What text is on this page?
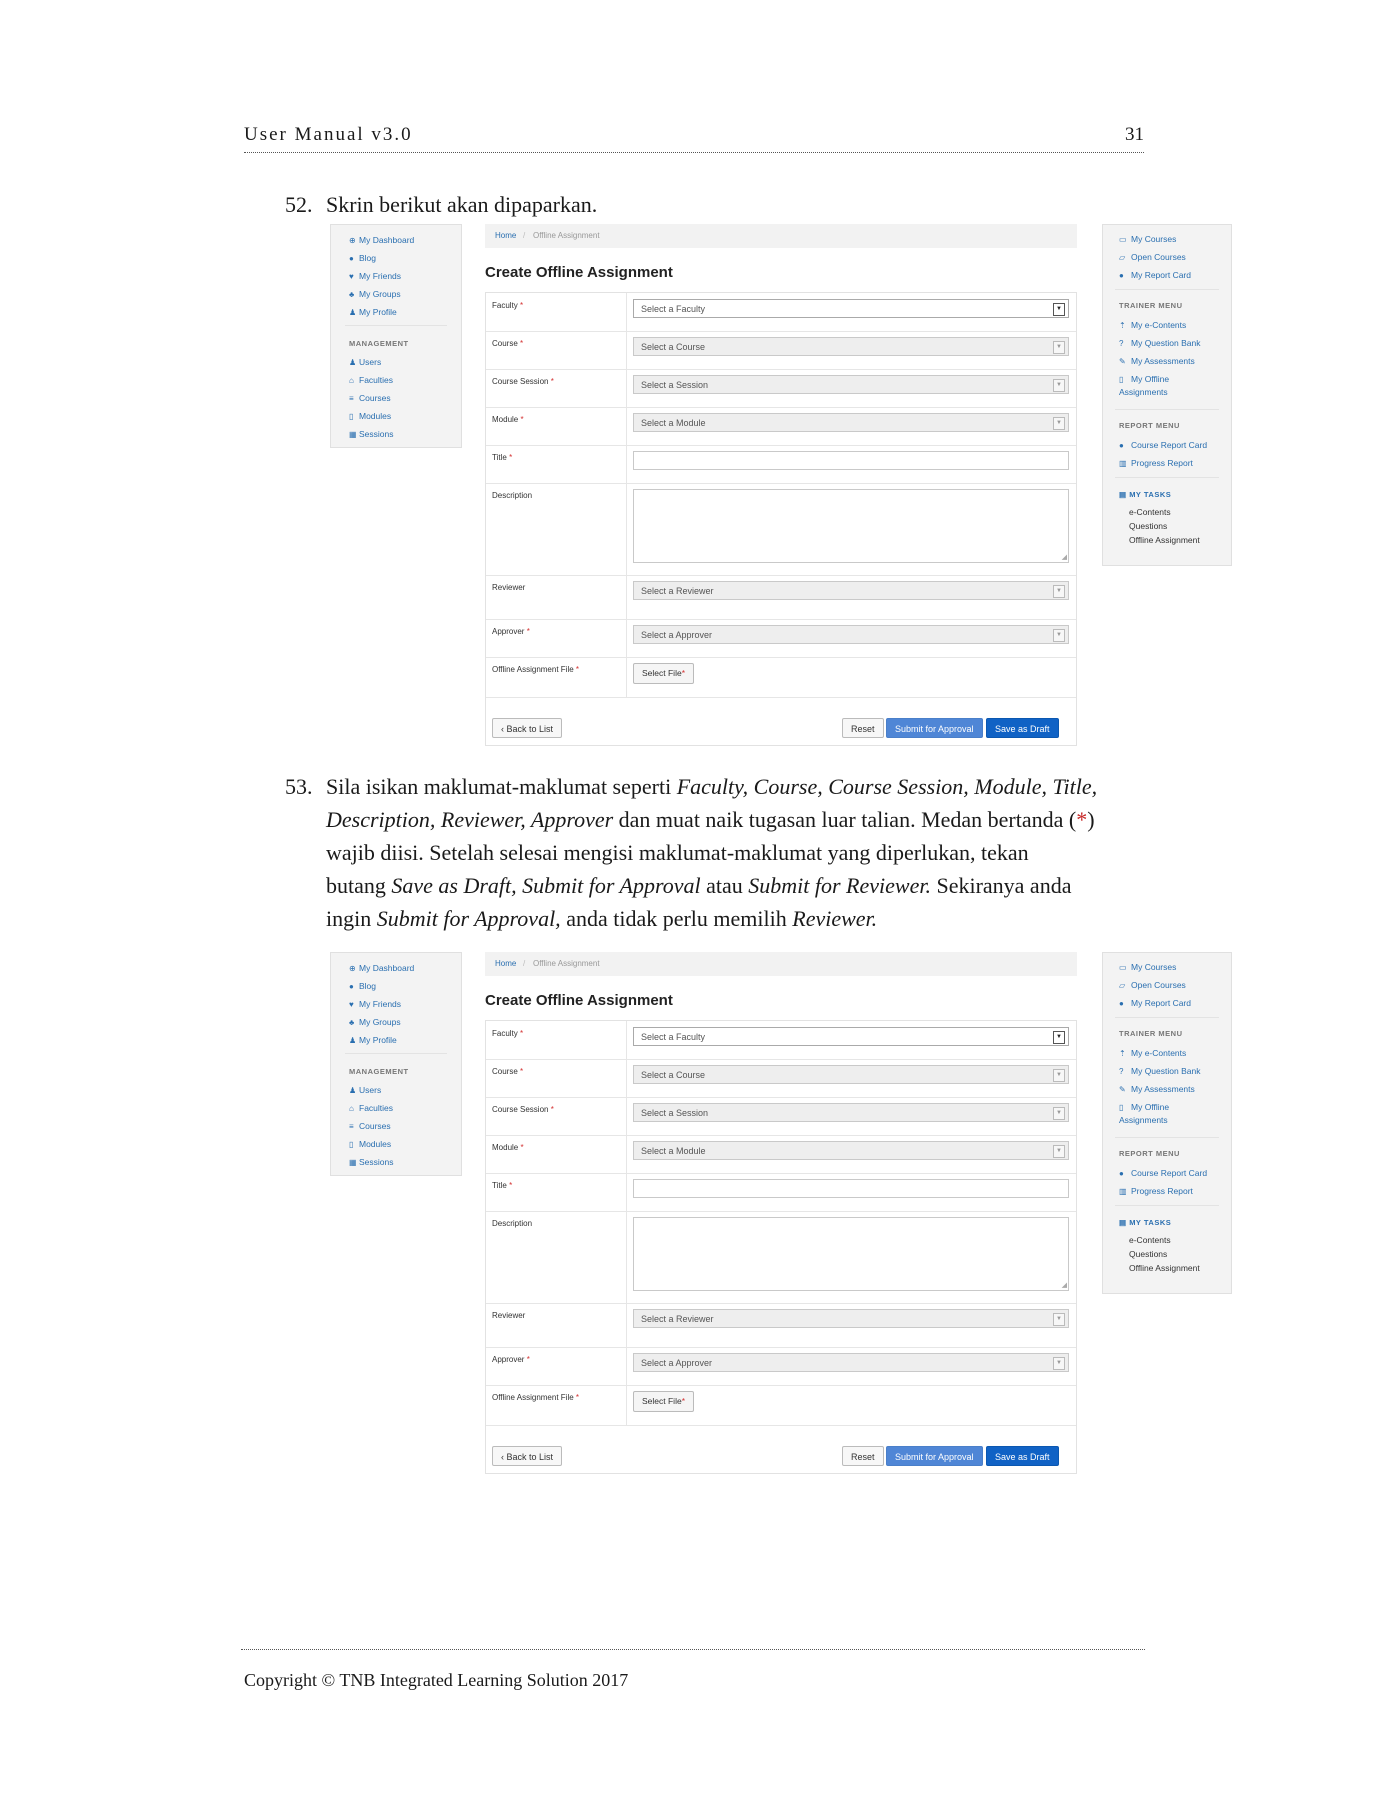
User Manual v3.0	31
52. Skrin berikut akan dipaparkan.
⊕ My Dashboard
● Blog
♥ My Friends
♣ My Groups
♟ My Profile
MANAGEMENT
♟ Users
⌂ Faculties
≡ Courses
▯ Modules
▦ Sessions
Home / Offline Assignment
Create Offline Assignment
Faculty *	Select a Faculty	▼
Course *	Select a Course	▼
Course Session *	Select a Session	▼
Module *	Select a Module	▼
Title *
Description
◢
Reviewer	Select a Reviewer	▼
Approver *	Select a Approver	▼
Offline Assignment File *	Select File*
‹ Back to List	Reset	Submit for Approval	Save as Draft
▭ My Courses
▱ Open Courses
● My Report Card
TRAINER MENU
⇡ My e-Contents
? My Question Bank
✎ My Assessments
▯ My Offline
Assignments
REPORT MENU
● Course Report Card
▥ Progress Report
▤ MY TASKS
e-Contents
Questions
Offline Assignment
53. Sila isikan maklumat-maklumat seperti Faculty, Course, Course Session, Module, Title,
Description, Reviewer, Approver dan muat naik tugasan luar talian. Medan bertanda (*)
wajib diisi. Setelah selesai mengisi maklumat-maklumat yang diperlukan, tekan
butang Save as Draft, Submit for Approval atau Submit for Reviewer. Sekiranya anda
ingin Submit for Approval, anda tidak perlu memilih Reviewer.
⊕ My Dashboard
● Blog
♥ My Friends
♣ My Groups
♟ My Profile
MANAGEMENT
♟ Users
⌂ Faculties
≡ Courses
▯ Modules
▦ Sessions
Home / Offline Assignment
Create Offline Assignment
Faculty *	Select a Faculty	▼
Course *	Select a Course	▼
Course Session *	Select a Session	▼
Module *	Select a Module	▼
Title *
Description
◢
Reviewer	Select a Reviewer	▼
Approver *	Select a Approver	▼
Offline Assignment File *	Select File*
‹ Back to List	Reset	Submit for Approval	Save as Draft
▭ My Courses
▱ Open Courses
● My Report Card
TRAINER MENU
⇡ My e-Contents
? My Question Bank
✎ My Assessments
▯ My Offline
Assignments
REPORT MENU
● Course Report Card
▥ Progress Report
▤ MY TASKS
e-Contents
Questions
Offline Assignment
Copyright © TNB Integrated Learning Solution 2017
